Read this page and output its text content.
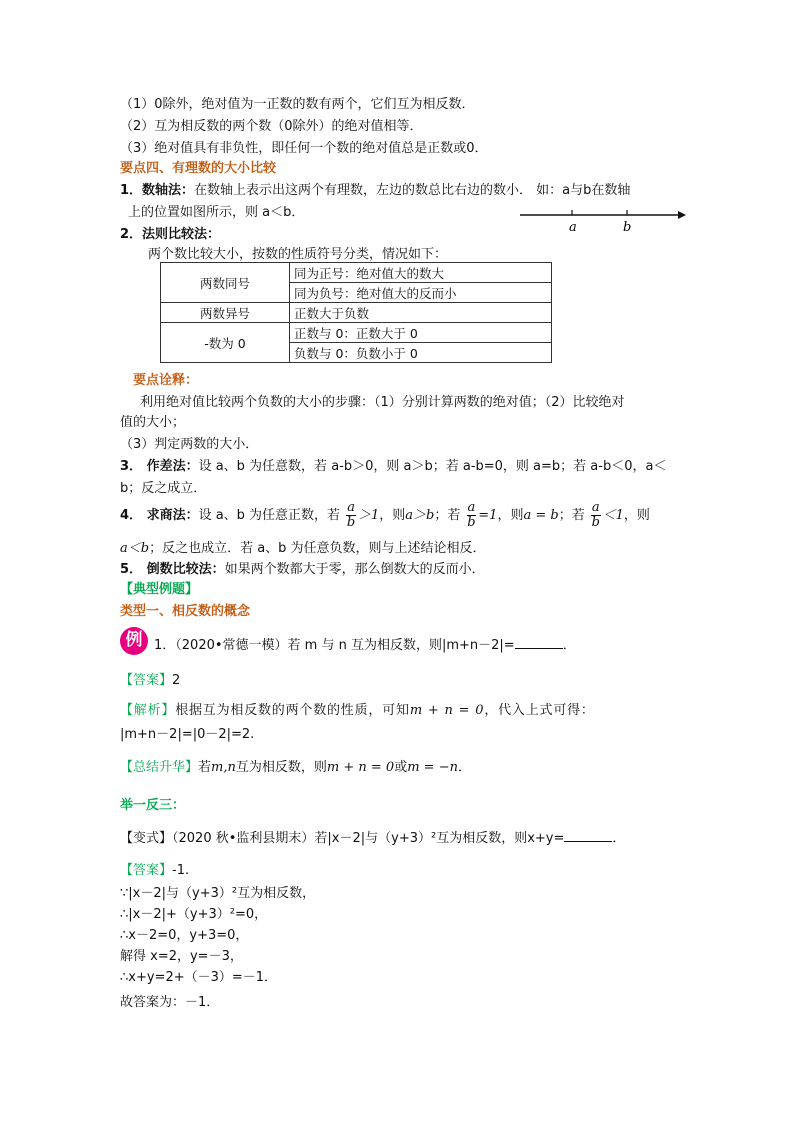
（1）0除外，绝对值为一正数的数有两个，它们互为相反数．
（2）互为相反数的两个数（0除外）的绝对值相等．
（3）绝对值具有非负性，即任何一个数的绝对值总是正数或0．
要点四、有理数的大小比较
1．数轴法：在数轴上表示出这两个有理数，左边的数总比右边的数小． 如：a与b在数轴
上的位置如图所示，则 a＜b．
a	b
2．法则比较法：
两个数比较大小，按数的性质符号分类，情况如下：
两数同号	同为正号：绝对值大的数大
	同为负号：绝对值大的反而小
两数异号	正数大于负数
-数为 0	正数与 0：正数大于 0
	负数与 0：负数小于 0
要点诠释：
利用绝对值比较两个负数的大小的步骤：（1）分别计算两数的绝对值；（2）比较绝对
值的大小；
（3）判定两数的大小．
3． 作差法：设 a、b 为任意数，若 a-b＞0，则 a＞b；若 a-b=0，则 a=b；若 a-b＜0，a＜
b；反之成立．
4． 求商法：设 a、b 为任意正数，若 $\frac{a}{b} >1$，则a＞b；若 $\frac{a}{b} =1$，则a = b；若 $\frac{a}{b} <1$，则
a＜b；反之也成立．若 a、b 为任意负数，则与上述结论相反．
5． 倒数比较法：如果两个数都大于零，那么倒数大的反而小．
【典型例题】
类型一、相反数的概念
例 1．（2020•常德一模）若 m 与 n 互为相反数，则|m+n－2|=	．
【答案】2
【解析】根据互为相反数的两个数的性质，可知m + n = 0，代入上式可得：
|m+n－2|=|0－2|=2.
【总结升华】若m,n互为相反数，则m + n = 0或m = −n．
举一反三：
【变式】（2020 秋•监利县期末）若|x－2|与（y+3）²互为相反数，则x+y=	．
【答案】-1.
∵|x－2|与（y+3）²互为相反数，
∴|x－2|+（y+3）²=0，
∴x－2=0，y+3=0，
解得 x=2，y=－3，
∴x+y=2+（－3）=－1．
故答案为：－1．
